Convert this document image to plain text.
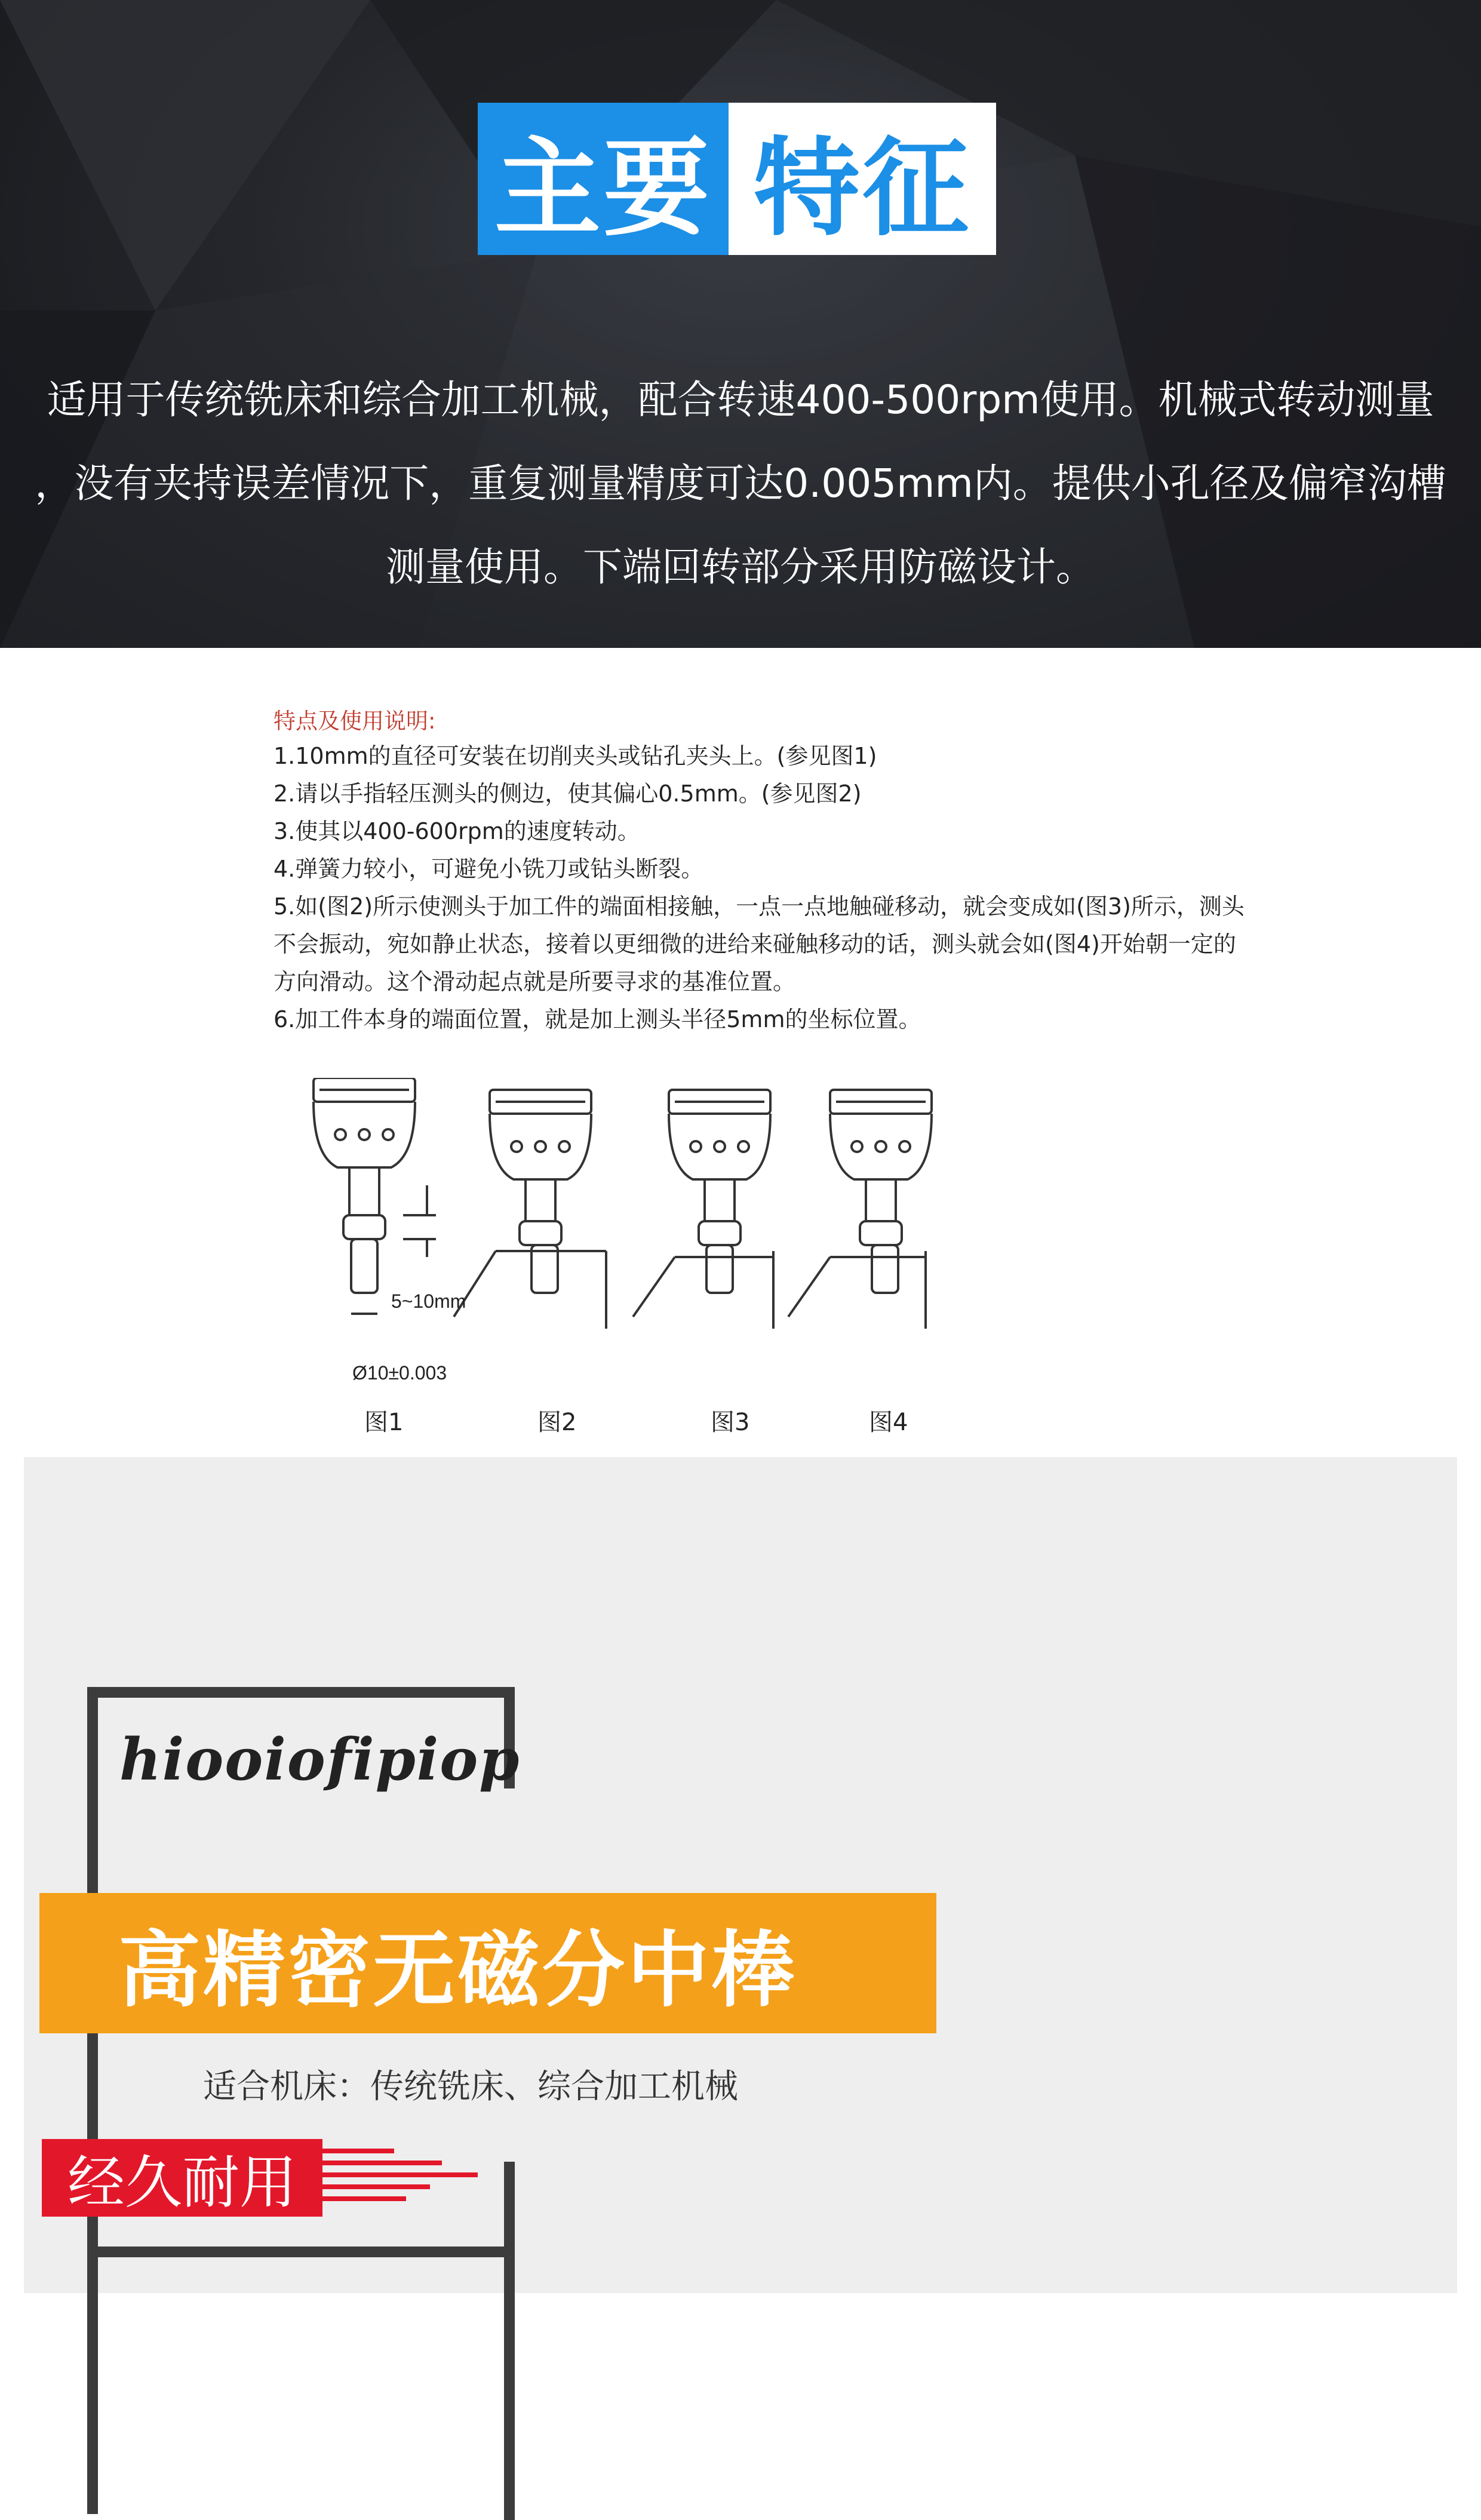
主要 特征
适用于传统铣床和综合加工机械，配合转速400-500rpm使用。机械式转动测量
，没有夹持误差情况下，重复测量精度可达0.005mm内。提供小孔径及偏窄沟槽
测量使用。下端回转部分采用防磁设计。
特点及使用说明:
1.10mm的直径可安装在切削夹头或钻孔夹头上。(参见图1)
2.请以手指轻压测头的侧边，使其偏心0.5mm。(参见图2)
3.使其以400-600rpm的速度转动。
4.弹簧力较小，可避免小铣刀或钻头断裂。
5.如(图2)所示使测头于加工件的端面相接触，一点一点地触碰移动，就会变成如(图3)所示，测头
不会振动，宛如静止状态，接着以更细微的进给来碰触移动的话，测头就会如(图4)开始朝一定的
方向滑动。这个滑动起点就是所要寻求的基准位置。
6.加工件本身的端面位置，就是加上测头半径5mm的坐标位置。
5~10mm
Ø10±0.003
图1	图2	图3	图4
hiooiofipiop
高精密无磁分中棒
适合机床：传统铣床、综合加工机械
经久耐用
